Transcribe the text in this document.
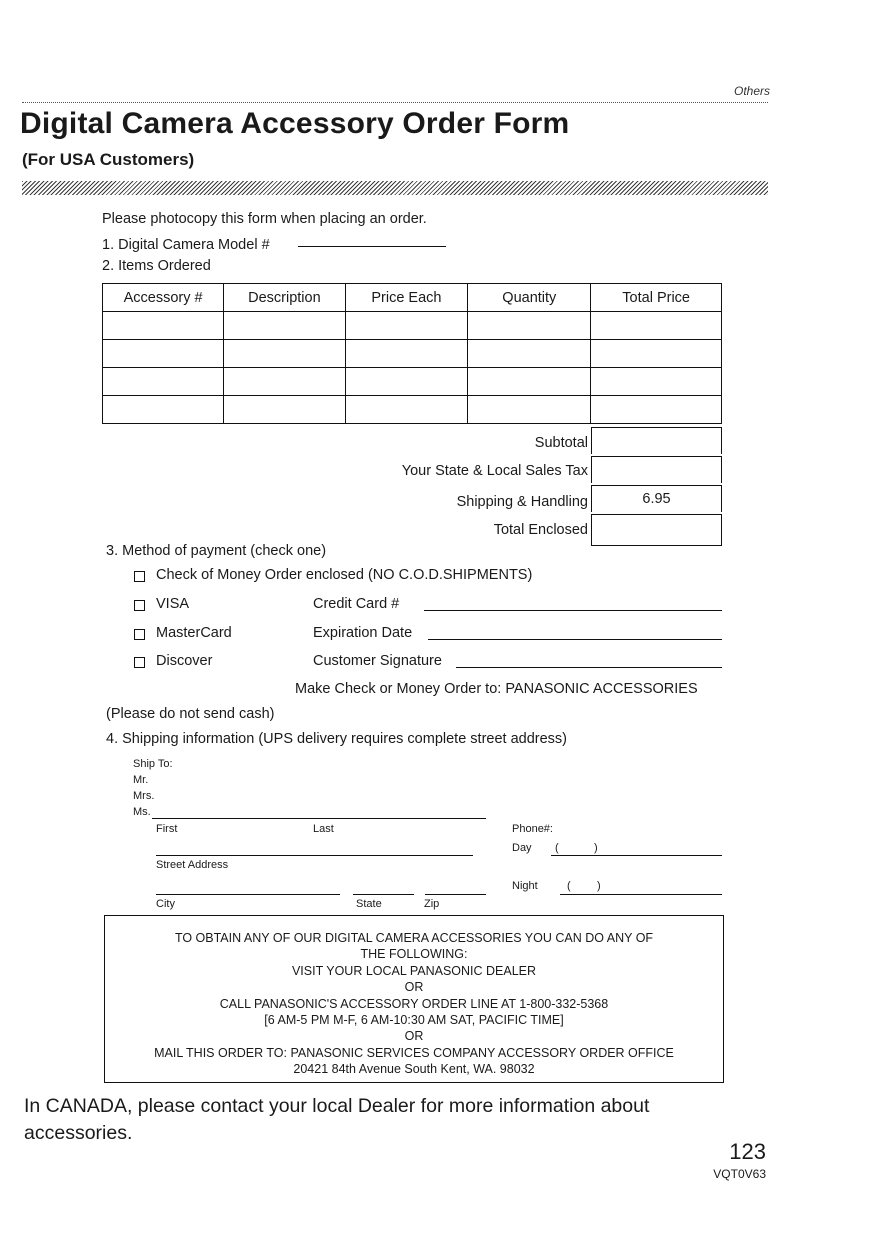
Others
Digital Camera Accessory Order Form
(For USA Customers)
Please photocopy this form when placing an order.
1. Digital Camera Model #
2. Items Ordered
Accessory #	Description	Price Each	Quantity	Total Price

Subtotal
Your State & Local Sales Tax
Shipping & Handling	6.95
Total Enclosed
3. Method of payment (check one)
Check of Money Order enclosed (NO C.O.D.SHIPMENTS)
VISA	Credit Card #
MasterCard	Expiration Date
Discover	Customer Signature
Make Check or Money Order to: PANASONIC ACCESSORIES
(Please do not send cash)
4. Shipping information (UPS delivery requires complete street address)
Ship To:
Mr.
Mrs.
Ms.
First	Last
Street Address
City	State	Zip
Phone#:
Day (	)
Night	( )
TO OBTAIN ANY OF OUR DIGITAL CAMERA ACCESSORIES YOU CAN DO ANY OF
THE FOLLOWING:
VISIT YOUR LOCAL PANASONIC DEALER
OR
CALL PANASONIC'S ACCESSORY ORDER LINE AT 1-800-332-5368
[6 AM-5 PM M-F, 6 AM-10:30 AM SAT, PACIFIC TIME]
OR
MAIL THIS ORDER TO: PANASONIC SERVICES COMPANY ACCESSORY ORDER OFFICE
20421 84th Avenue South Kent, WA. 98032

In CANADA, please contact your local Dealer for more information about accessories.

123
VQT0V63
